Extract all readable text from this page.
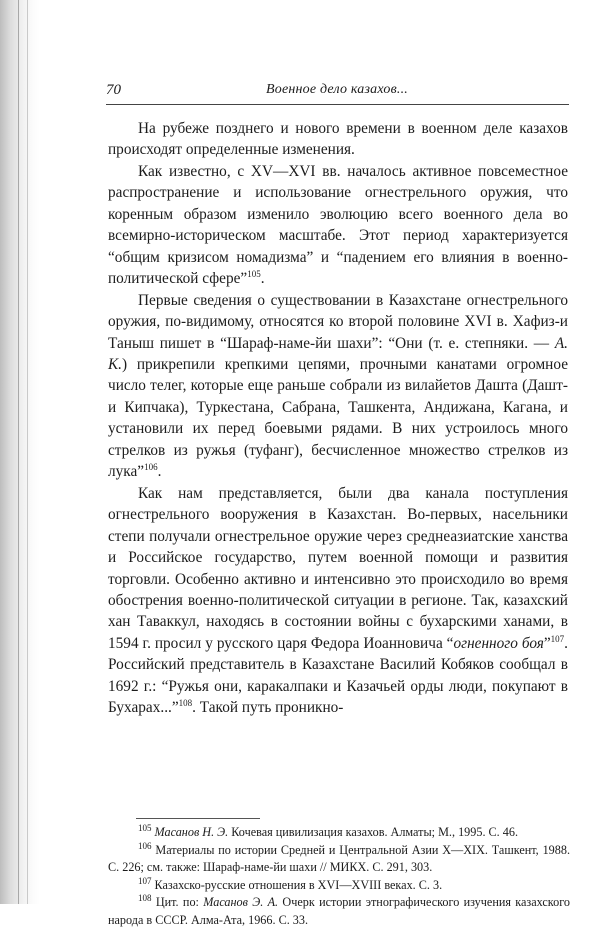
70	Военное дело казахов...

На рубеже позднего и нового времени в военном деле казахов происходят определенные изменения.

Как известно, с XV—XVI вв. началось активное повсеместное распространение и использование огнестрельного оружия, что коренным образом изменило эволюцию всего военного дела во всемирно-историческом масштабе. Этот период характеризуется “общим кризисом номадизма” и “падением его влияния в военно-политической сфере”$^{105}$.

Первые сведения о существовании в Казахстане огнестрельного оружия, по-видимому, относятся ко второй половине XVI в. Хафиз-и Таныш пишет в “Шараф-наме-йи шахи”: “Они (т. е. степняки. — А. К.) прикрепили крепкими цепями, прочными канатами огромное число телег, которые еще раньше собрали из вилайетов Дашта (Дашт-и Кипчака), Туркестана, Сабрана, Ташкента, Андижана, Кагана, и установили их перед боевыми рядами. В них устроилось много стрелков из ружья (туфанг), бесчисленное множество стрелков из лука”$^{106}$.

Как нам представляется, были два канала поступления огнестрельного вооружения в Казахстан. Во-первых, насельники степи получали огнестрельное оружие через среднеазиатские ханства и Российское государство, путем военной помощи и развития торговли. Особенно активно и интенсивно это происходило во время обострения военно-политической ситуации в регионе. Так, казахский хан Таваккул, находясь в состоянии войны с бухарскими ханами, в 1594 г. просил у русского царя Федора Иоанновича “огненного боя”$^{107}$. Российский представитель в Казахстане Василий Кобяков сообщал в 1692 г.: “Ружья они, каракалпаки и Казачьей орды люди, покупают в Бухарах...”$^{108}$. Такой путь проникно-

$^{105}$ Масанов Н. Э. Кочевая цивилизация казахов. Алматы; М., 1995. С. 46.

$^{106}$ Материалы по истории Средней и Центральной Азии X—XIX. Ташкент, 1988. С. 226; см. также: Шараф-наме-йи шахи // МИКХ. С. 291, 303.

$^{107}$ Казахско-русские отношения в XVI—XVIII веках. С. 3.

$^{108}$ Цит. по: Масанов Э. А. Очерк истории этнографического изучения казахского народа в СССР. Алма-Ата, 1966. С. 33.
